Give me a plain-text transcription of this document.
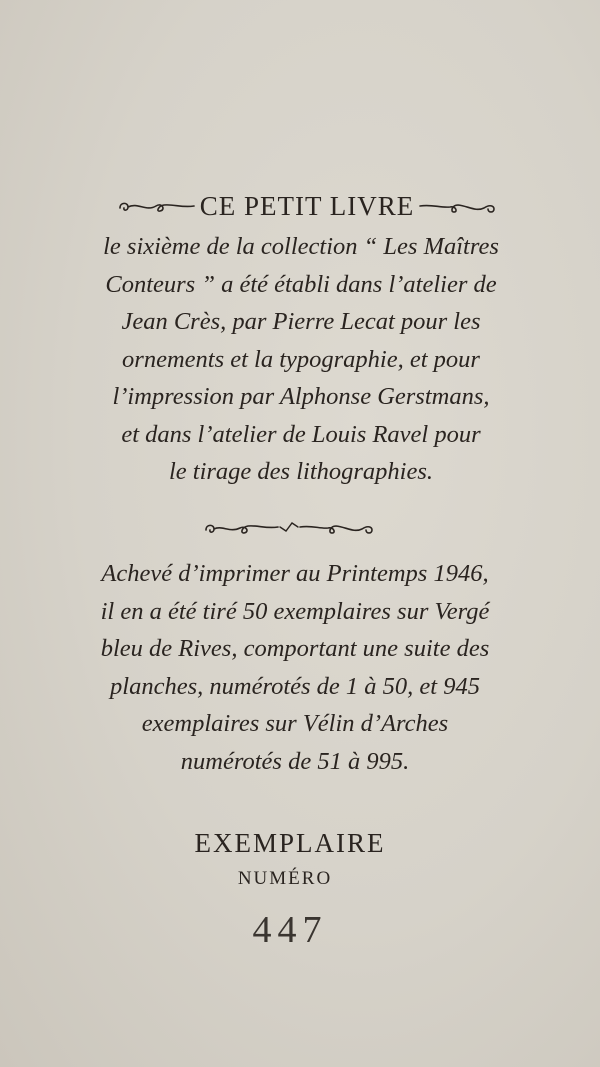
CE PETIT LIVRE
le sixième de la collection “ Les Maîtres
Conteurs ” a été établi dans l’atelier de
Jean Crès, par Pierre Lecat pour les
ornements et la typographie, et pour
l’impression par Alphonse Gerstmans,
et dans l’atelier de Louis Ravel pour
le tirage des lithographies.
Achevé d’imprimer au Printemps 1946,
il en a été tiré 50 exemplaires sur Vergé
bleu de Rives, comportant une suite des
planches, numérotés de 1 à 50, et 945
exemplaires sur Vélin d’Arches
numérotés de 51 à 995.
EXEMPLAIRE
NUMÉRO
447
